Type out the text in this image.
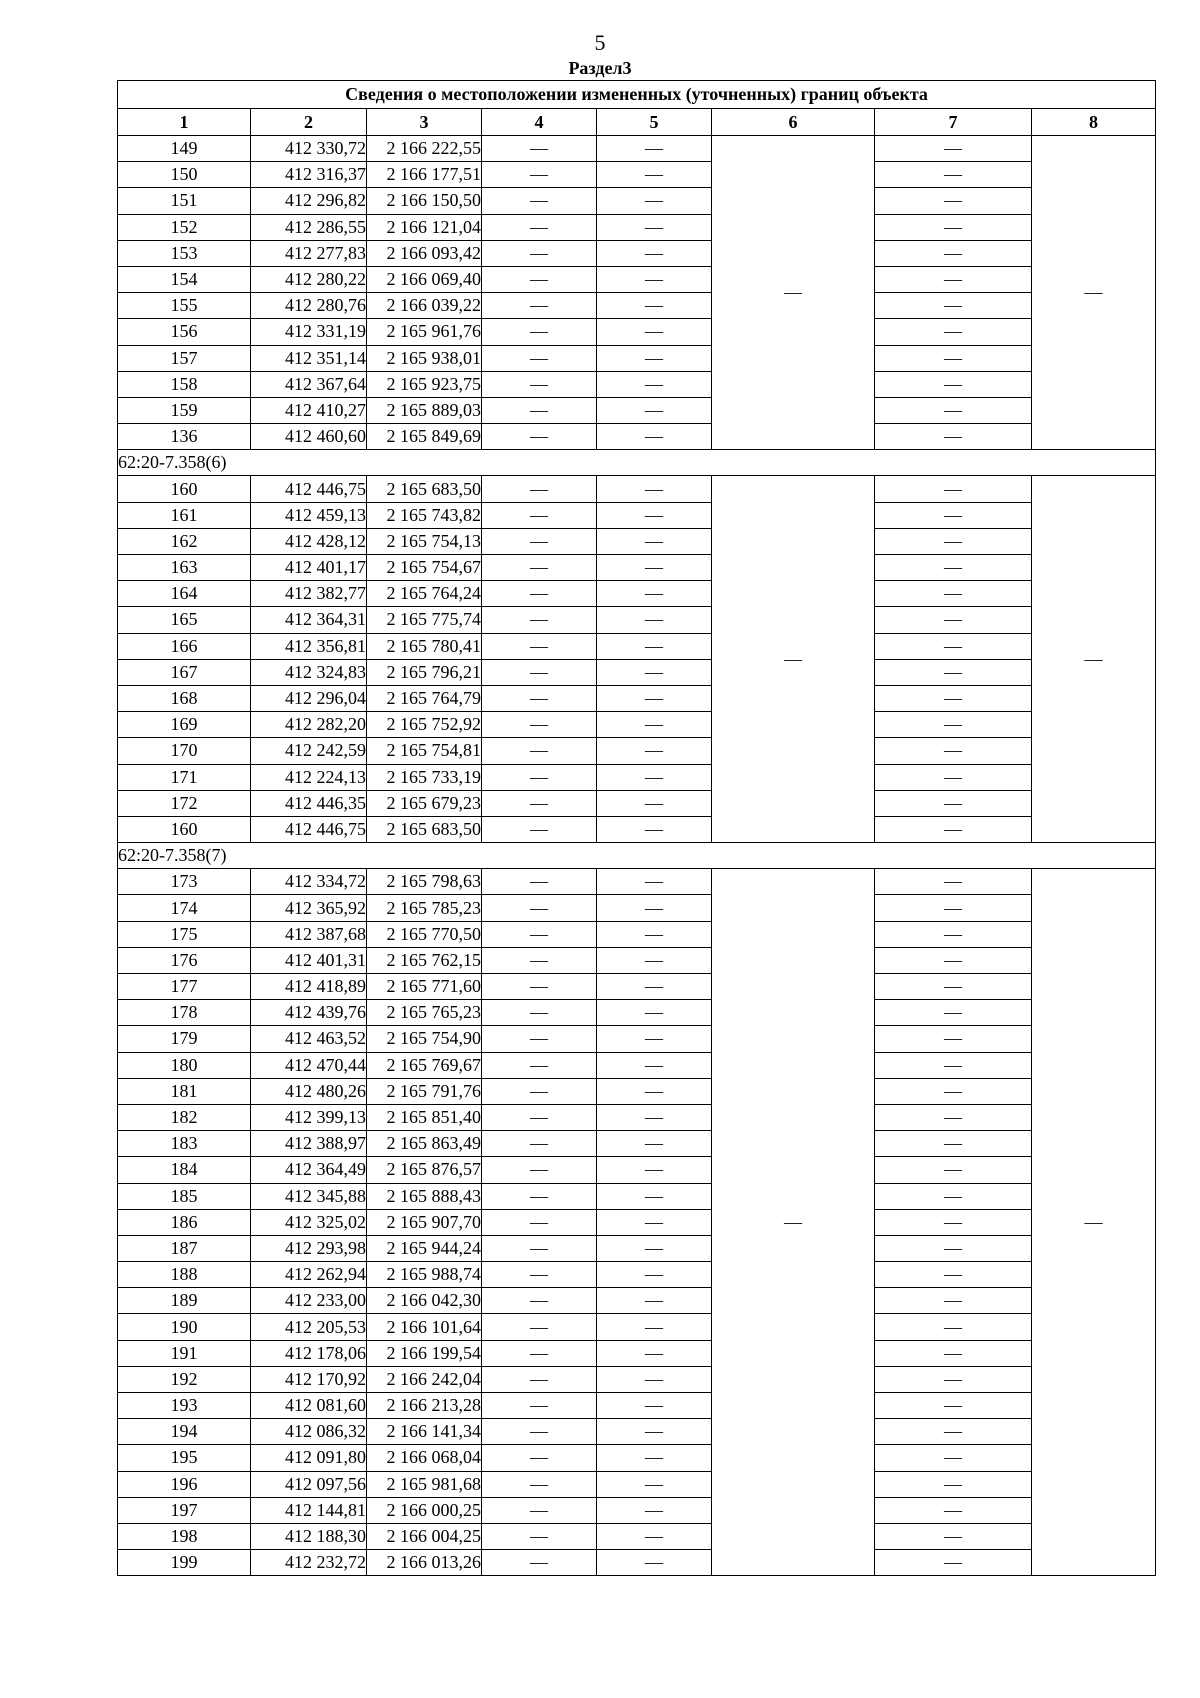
5
Раздел3
Сведения о местоположении измененных (уточненных) границ объекта							
1	2	3	4	5	6	7	8
149	412 330,72	2 166 222,55	—	—	—	—	—
150	412 316,37	2 166 177,51	—	—		—	
151	412 296,82	2 166 150,50	—	—		—	
152	412 286,55	2 166 121,04	—	—		—	
153	412 277,83	2 166 093,42	—	—		—	
154	412 280,22	2 166 069,40	—	—		—	
155	412 280,76	2 166 039,22	—	—		—	
156	412 331,19	2 165 961,76	—	—		—	
157	412 351,14	2 165 938,01	—	—		—	
158	412 367,64	2 165 923,75	—	—		—	
159	412 410,27	2 165 889,03	—	—		—	
136	412 460,60	2 165 849,69	—	—		—	
62:20-7.358(6)							
160	412 446,75	2 165 683,50	—	—	—	—	—
161	412 459,13	2 165 743,82	—	—		—	
162	412 428,12	2 165 754,13	—	—		—	
163	412 401,17	2 165 754,67	—	—		—	
164	412 382,77	2 165 764,24	—	—		—	
165	412 364,31	2 165 775,74	—	—		—	
166	412 356,81	2 165 780,41	—	—		—	
167	412 324,83	2 165 796,21	—	—		—	
168	412 296,04	2 165 764,79	—	—		—	
169	412 282,20	2 165 752,92	—	—		—	
170	412 242,59	2 165 754,81	—	—		—	
171	412 224,13	2 165 733,19	—	—		—	
172	412 446,35	2 165 679,23	—	—		—	
160	412 446,75	2 165 683,50	—	—		—	
62:20-7.358(7)							
173	412 334,72	2 165 798,63	—	—	—	—	—
174	412 365,92	2 165 785,23	—	—		—	
175	412 387,68	2 165 770,50	—	—		—	
176	412 401,31	2 165 762,15	—	—		—	
177	412 418,89	2 165 771,60	—	—		—	
178	412 439,76	2 165 765,23	—	—		—	
179	412 463,52	2 165 754,90	—	—		—	
180	412 470,44	2 165 769,67	—	—		—	
181	412 480,26	2 165 791,76	—	—		—	
182	412 399,13	2 165 851,40	—	—		—	
183	412 388,97	2 165 863,49	—	—		—	
184	412 364,49	2 165 876,57	—	—		—	
185	412 345,88	2 165 888,43	—	—		—	
186	412 325,02	2 165 907,70	—	—		—	
187	412 293,98	2 165 944,24	—	—		—	
188	412 262,94	2 165 988,74	—	—		—	
189	412 233,00	2 166 042,30	—	—		—	
190	412 205,53	2 166 101,64	—	—		—	
191	412 178,06	2 166 199,54	—	—		—	
192	412 170,92	2 166 242,04	—	—		—	
193	412 081,60	2 166 213,28	—	—		—	
194	412 086,32	2 166 141,34	—	—		—	
195	412 091,80	2 166 068,04	—	—		—	
196	412 097,56	2 165 981,68	—	—		—	
197	412 144,81	2 166 000,25	—	—		—	
198	412 188,30	2 166 004,25	—	—		—	
199	412 232,72	2 166 013,26	—	—		—	
